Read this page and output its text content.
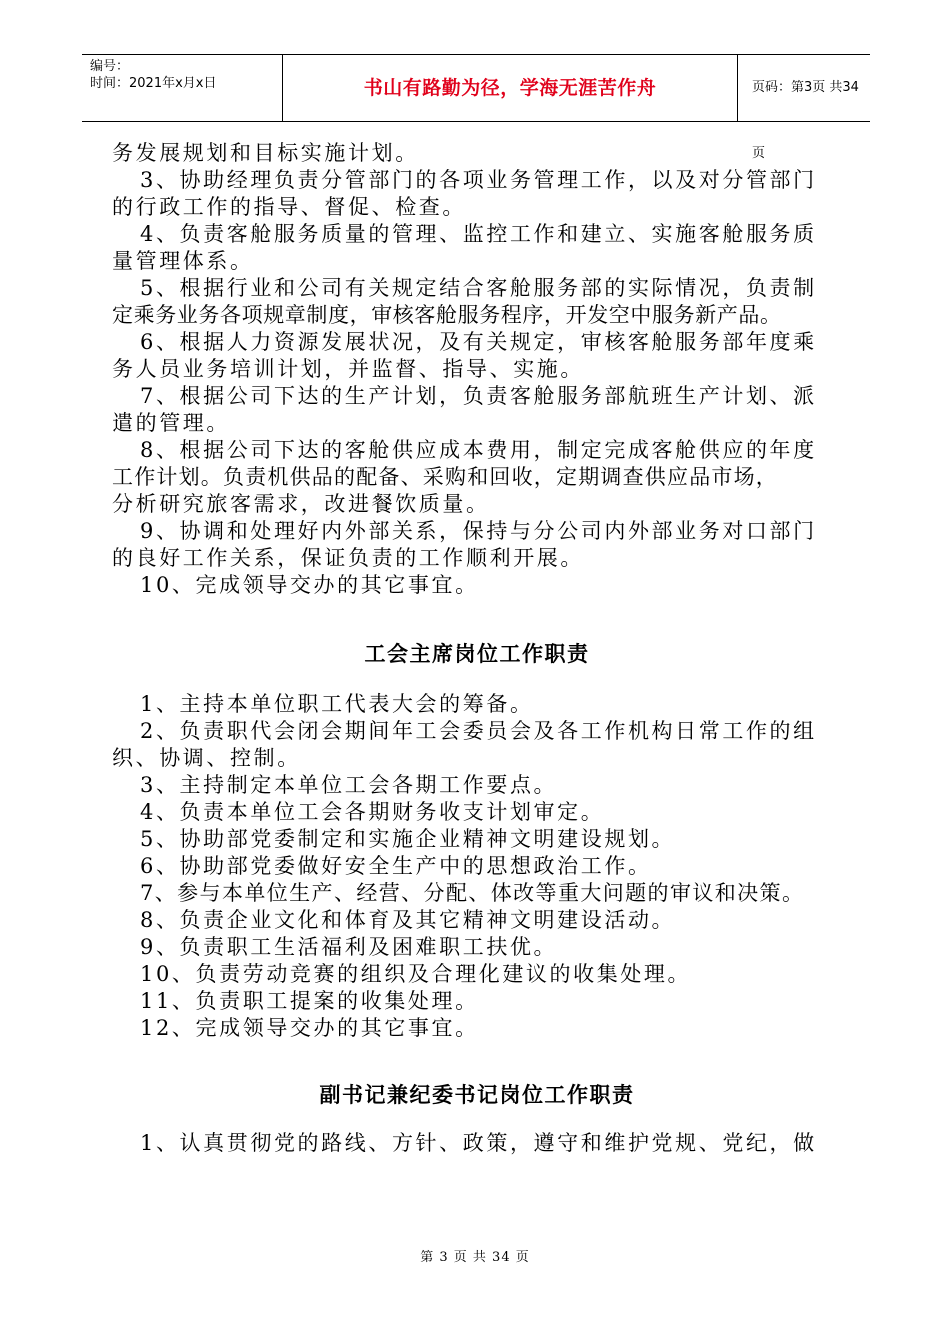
编号：
时间：2021年x月x日	书山有路勤为径，学海无涯苦作舟	页码：第3页 共34页
务发展规划和目标实施计划。
3、协助经理负责分管部门的各项业务管理工作，以及对分管部门
的行政工作的指导、督促、检查。
4、负责客舱服务质量的管理、监控工作和建立、实施客舱服务质
量管理体系。
5、根据行业和公司有关规定结合客舱服务部的实际情况，负责制
定乘务业务各项规章制度，审核客舱服务程序，开发空中服务新产品。
6、根据人力资源发展状况，及有关规定，审核客舱服务部年度乘
务人员业务培训计划，并监督、指导、实施。
7、根据公司下达的生产计划，负责客舱服务部航班生产计划、派
遣的管理。
8、根据公司下达的客舱供应成本费用，制定完成客舱供应的年度
工作计划。负责机供品的配备、采购和回收，定期调查供应品市场，
分析研究旅客需求，改进餐饮质量。
9、协调和处理好内外部关系，保持与分公司内外部业务对口部门
的良好工作关系，保证负责的工作顺利开展。
10、完成领导交办的其它事宜。
工会主席岗位工作职责
1、主持本单位职工代表大会的筹备。
2、负责职代会闭会期间年工会委员会及各工作机构日常工作的组
织、协调、控制。
3、主持制定本单位工会各期工作要点。
4、负责本单位工会各期财务收支计划审定。
5、协助部党委制定和实施企业精神文明建设规划。
6、协助部党委做好安全生产中的思想政治工作。
7、参与本单位生产、经营、分配、体改等重大问题的审议和决策。
8、负责企业文化和体育及其它精神文明建设活动。
9、负责职工生活福利及困难职工扶优。
10、负责劳动竞赛的组织及合理化建议的收集处理。
11、负责职工提案的收集处理。
12、完成领导交办的其它事宜。
副书记兼纪委书记岗位工作职责
1、认真贯彻党的路线、方针、政策，遵守和维护党规、党纪，做
第 3 页 共 34 页
